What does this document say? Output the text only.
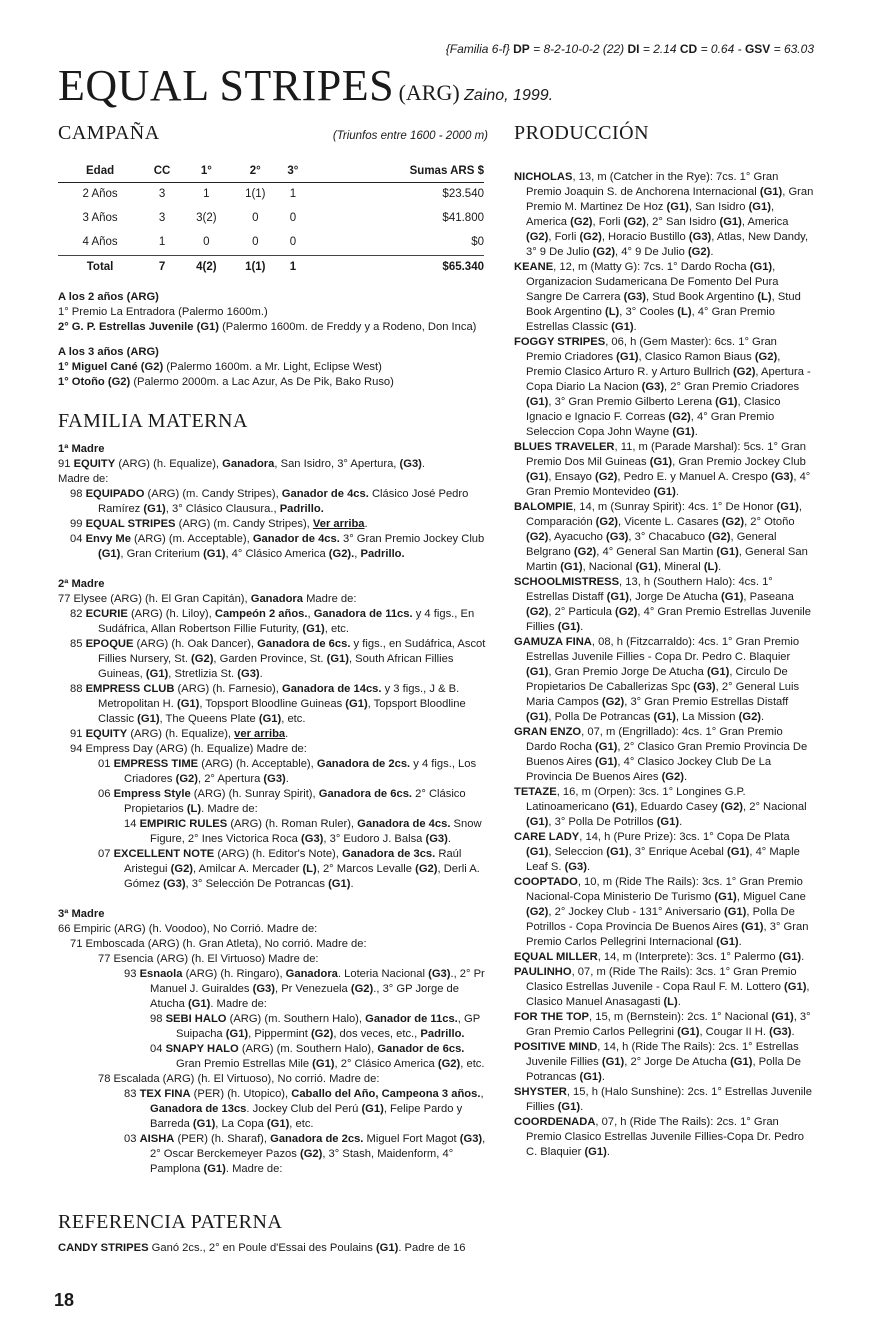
{Familia 6-f} DP = 8-2-10-0-2 (22) DI = 2.14 CD = 0.64 - GSV = 63.03
EQUAL STRIPES (ARG) Zaino, 1999.
CAMPAÑA	(Triunfos entre 1600 - 2000 m)
Edad	CC	1°	2°	3°	Sumas ARS $
2 Años	3	1	1(1)	1	$23.540
3 Años	3	3(2)	0	0	$41.800
4 Años	1	0	0	0	$0
Total	7	4(2)	1(1)	1	$65.340

A los 2 años (ARG)

1° Premio La Entradora (Palermo 1600m.)

2° G. P. Estrellas Juvenile (G1) (Palermo 1600m. de Freddy y a Rodeno, Don Inca)

A los 3 años (ARG)

1° Miguel Cané (G2) (Palermo 1600m. a Mr. Light, Eclipse West)

1° Otoño (G2) (Palermo 2000m. a Lac Azur, As De Pik, Bako Ruso)

FAMILIA MATERNA

1ª Madre

91 EQUITY (ARG) (h. Equalize), Ganadora, San Isidro, 3° Apertura, (G3).

Madre de:

98 EQUIPADO (ARG) (m. Candy Stripes), Ganador de 4cs. Clásico José Pedro Ramírez (G1), 3° Clásico Clausura., Padrillo.

99 EQUAL STRIPES (ARG) (m. Candy Stripes), Ver arriba.

04 Envy Me (ARG) (m. Acceptable), Ganador de 4cs. 3° Gran Premio Jockey Club (G1), Gran Criterium (G1), 4° Clásico America (G2)., Padrillo.

2ª Madre

77 Elysee (ARG) (h. El Gran Capitán), Ganadora Madre de:

82 ECURIE (ARG) (h. Liloy), Campeón 2 años., Ganadora de 11cs. y 4 figs., En Sudáfrica, Allan Robertson Fillie Futurity, (G1), etc.

85 EPOQUE (ARG) (h. Oak Dancer), Ganadora de 6cs. y figs., en Sudáfrica, Ascot Fillies Nursery, St. (G2), Garden Province, St. (G1), South African Fillies Guineas, (G1), Stretlizia St. (G3).

88 EMPRESS CLUB (ARG) (h. Farnesio), Ganadora de 14cs. y 3 figs., J & B. Metropolitan H. (G1), Topsport Bloodline Guineas (G1), Topsport Bloodline Classic (G1), The Queens Plate (G1), etc.

91 EQUITY (ARG) (h. Equalize), ver arriba.

94 Empress Day (ARG) (h. Equalize) Madre de:

01 EMPRESS TIME (ARG) (h. Acceptable), Ganadora de 2cs. y 4 figs., Los Criadores (G2), 2° Apertura (G3).

06 Empress Style (ARG) (h. Sunray Spirit), Ganadora de 6cs. 2° Clásico Propietarios (L). Madre de:

14 EMPIRIC RULES (ARG) (h. Roman Ruler), Ganadora de 4cs. Snow Figure, 2° Ines Victorica Roca (G3), 3° Eudoro J. Balsa (G3).

07 EXCELLENT NOTE (ARG) (h. Editor's Note), Ganadora de 3cs. Raúl Aristegui (G2), Amilcar A. Mercader (L), 2° Marcos Levalle (G2), Derli A. Gómez (G3), 3° Selección De Potrancas (G1).

3ª Madre

66 Empiric (ARG) (h. Voodoo), No Corrió. Madre de:

71 Emboscada (ARG) (h. Gran Atleta), No corrió. Madre de:

77 Esencia (ARG) (h. El Virtuoso) Madre de:

93 Esnaola (ARG) (h. Ringaro), Ganadora. Loteria Nacional (G3)., 2° Pr Manuel J. Guiraldes (G3), Pr Venezuela (G2)., 3° GP Jorge de Atucha (G1). Madre de:

98 SEBI HALO (ARG) (m. Southern Halo), Ganador de 11cs., GP Suipacha (G1), Pippermint (G2), dos veces, etc., Padrillo.

04 SNAPY HALO (ARG) (m. Southern Halo), Ganador de 6cs. Gran Premio Estrellas Mile (G1), 2° Clásico America (G2), etc.

78 Escalada (ARG) (h. El Virtuoso), No corrió. Madre de:

83 TEX FINA (PER) (h. Utopico), Caballo del Año, Campeona 3 años., Ganadora de 13cs. Jockey Club del Perú (G1), Felipe Pardo y Barreda (G1), La Copa (G1), etc.

03 AISHA (PER) (h. Sharaf), Ganadora de 2cs. Miguel Fort Magot (G3), 2° Oscar Berckemeyer Pazos (G2), 3° Stash, Maidenform, 4° Pamplona (G1). Madre de:

REFERENCIA PATERNA

CANDY STRIPES Ganó 2cs., 2° en Poule d'Essai des Poulains (G1). Padre de 16

PRODUCCIÓN

NICHOLAS, 13, m (Catcher in the Rye): 7cs. 1° Gran Premio Joaquin S. de Anchorena Internacional (G1), Gran Premio M. Martinez De Hoz (G1), San Isidro (G1), America (G2), Forli (G2), 2° San Isidro (G1), America (G2), Forli (G2), Horacio Bustillo (G3), Atlas, New Dandy, 3° 9 De Julio (G2), 4° 9 De Julio (G2).

KEANE, 12, m (Matty G): 7cs. 1° Dardo Rocha (G1), Organizacion Sudamericana De Fomento Del Pura Sangre De Carrera (G3), Stud Book Argentino (L), Stud Book Argentino (L), 3° Cooles (L), 4° Gran Premio Estrellas Classic (G1).

FOGGY STRIPES, 06, h (Gem Master): 6cs. 1° Gran Premio Criadores (G1), Clasico Ramon Biaus (G2), Premio Clasico Arturo R. y Arturo Bullrich (G2), Apertura - Copa Diario La Nacion (G3), 2° Gran Premio Criadores (G1), 3° Gran Premio Gilberto Lerena (G1), Clasico Ignacio e Ignacio F. Correas (G2), 4° Gran Premio Seleccion Copa John Wayne (G1).

BLUES TRAVELER, 11, m (Parade Marshal): 5cs. 1° Gran Premio Dos Mil Guineas (G1), Gran Premio Jockey Club (G1), Ensayo (G2), Pedro E. y Manuel A. Crespo (G3), 4° Gran Premio Montevideo (G1).

BALOMPIE, 14, m (Sunray Spirit): 4cs. 1° De Honor (G1), Comparación (G2), Vicente L. Casares (G2), 2° Otoño (G2), Ayacucho (G3), 3° Chacabuco (G2), General Belgrano (G2), 4° General San Martin (G1), General San Martin (G1), Nacional (G1), Mineral (L).

SCHOOLMISTRESS, 13, h (Southern Halo): 4cs. 1° Estrellas Distaff (G1), Jorge De Atucha (G1), Paseana (G2), 2° Particula (G2), 4° Gran Premio Estrellas Juvenile Fillies (G1).

GAMUZA FINA, 08, h (Fitzcarraldo): 4cs. 1° Gran Premio Estrellas Juvenile Fillies - Copa Dr. Pedro C. Blaquier (G1), Gran Premio Jorge De Atucha (G1), Circulo De Propietarios De Caballerizas Spc (G3), 2° General Luis Maria Campos (G2), 3° Gran Premio Estrellas Distaff (G1), Polla De Potrancas (G1), La Mission (G2).

GRAN ENZO, 07, m (Engrillado): 4cs. 1° Gran Premio Dardo Rocha (G1), 2° Clasico Gran Premio Provincia De Buenos Aires (G1), 4° Clasico Jockey Club De La Provincia De Buenos Aires (G2).

TETAZE, 16, m (Orpen): 3cs. 1° Longines G.P. Latinoamericano (G1), Eduardo Casey (G2), 2° Nacional (G1), 3° Polla De Potrillos (G1).

CARE LADY, 14, h (Pure Prize): 3cs. 1° Copa De Plata (G1), Seleccion (G1), 3° Enrique Acebal (G1), 4° Maple Leaf S. (G3).

COOPTADO, 10, m (Ride The Rails): 3cs. 1° Gran Premio Nacional-Copa Ministerio De Turismo (G1), Miguel Cane (G2), 2° Jockey Club - 131° Aniversario (G1), Polla De Potrillos - Copa Provincia De Buenos Aires (G1), 3° Gran Premio Carlos Pellegrini Internacional (G1).

EQUAL MILLER, 14, m (Interprete): 3cs. 1° Palermo (G1).

PAULINHO, 07, m (Ride The Rails): 3cs. 1° Gran Premio Clasico Estrellas Juvenile - Copa Raul F. M. Lottero (G1), Clasico Manuel Anasagasti (L).

FOR THE TOP, 15, m (Bernstein): 2cs. 1° Nacional (G1), 3° Gran Premio Carlos Pellegrini (G1), Cougar II H. (G3).

POSITIVE MIND, 14, h (Ride The Rails): 2cs. 1° Estrellas Juvenile Fillies (G1), 2° Jorge De Atucha (G1), Polla De Potrancas (G1).

SHYSTER, 15, h (Halo Sunshine): 2cs. 1° Estrellas Juvenile Fillies (G1).

COORDENADA, 07, h (Ride The Rails): 2cs. 1° Gran Premio Clasico Estrellas Juvenile Fillies-Copa Dr. Pedro C. Blaquier (G1).

18
